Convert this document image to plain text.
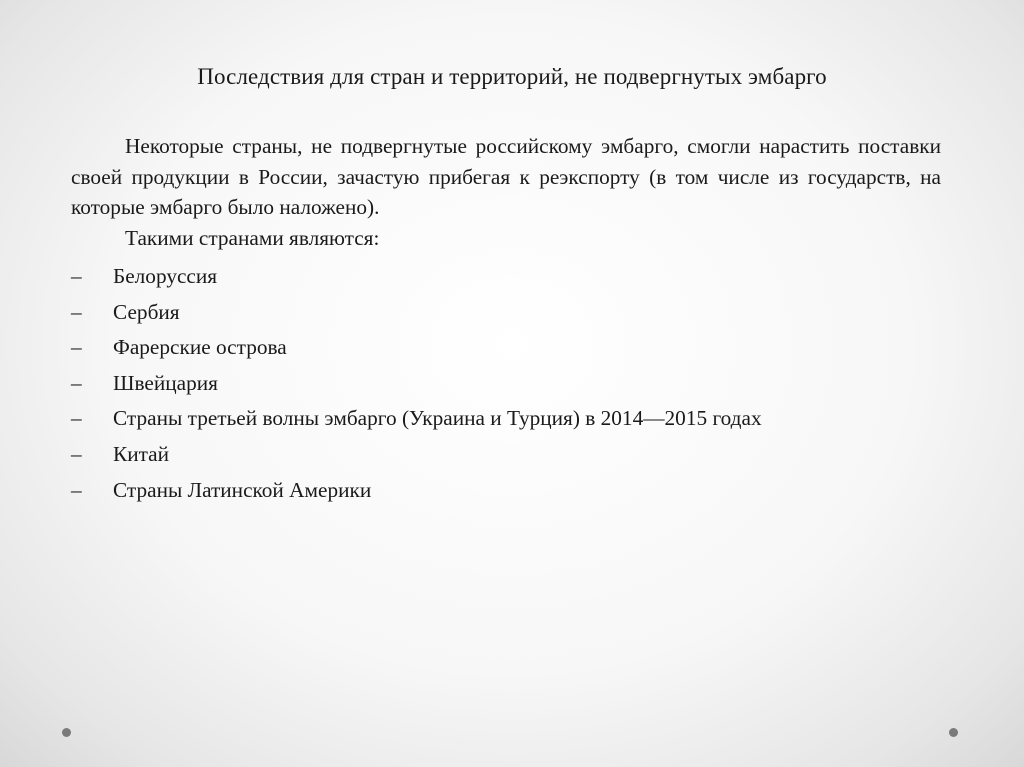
Последствия для стран и территорий, не подвергнутых эмбарго

Некоторые страны, не подвергнутые российскому эмбарго, смогли нарастить поставки своей продукции в России, зачастую прибегая к реэкспорту (в том числе из государств, на которые эмбарго было наложено).

Такими странами являются:

–	Белоруссия
–	Сербия
–	Фарерские острова
–	Швейцария
–	Страны третьей волны эмбарго (Украина и Турция) в 2014—2015 годах
–	Китай
–	Страны Латинской Америки
